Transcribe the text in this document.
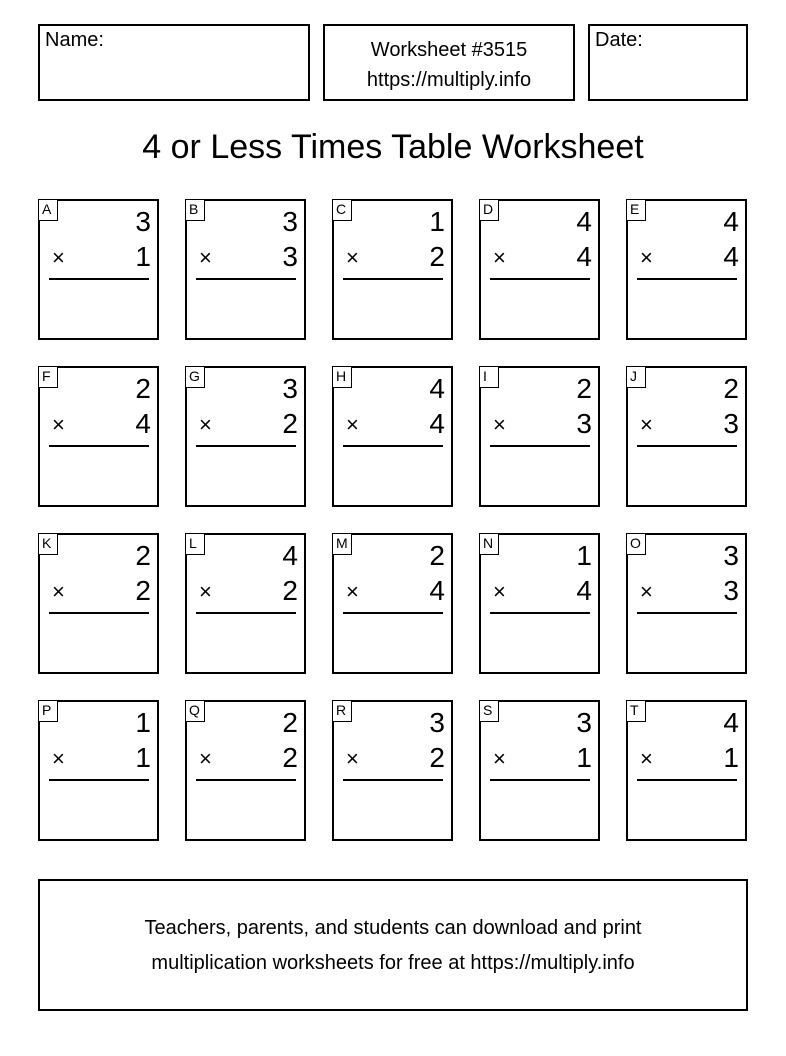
Name:	Worksheet #3515
https://multiply.info
Date:
4 or Less Times Table Worksheet
A	3
×	1
B	3
×	3
C	1
×	2
D	4
×	4
E	4
×	4
F	2
×	4
G	3
×	2
H	4
×	4
I	2
×	3
J	2
×	3
K	2
×	2
L	4
×	2
M	2
×	4
N	1
×	4
O	3
×	3
P	1
×	1
Q	2
×	2
R	3
×	2
S	3
×	1
T	4
×	1
Teachers, parents, and students can download and print
multiplication worksheets for free at https://multiply.info
